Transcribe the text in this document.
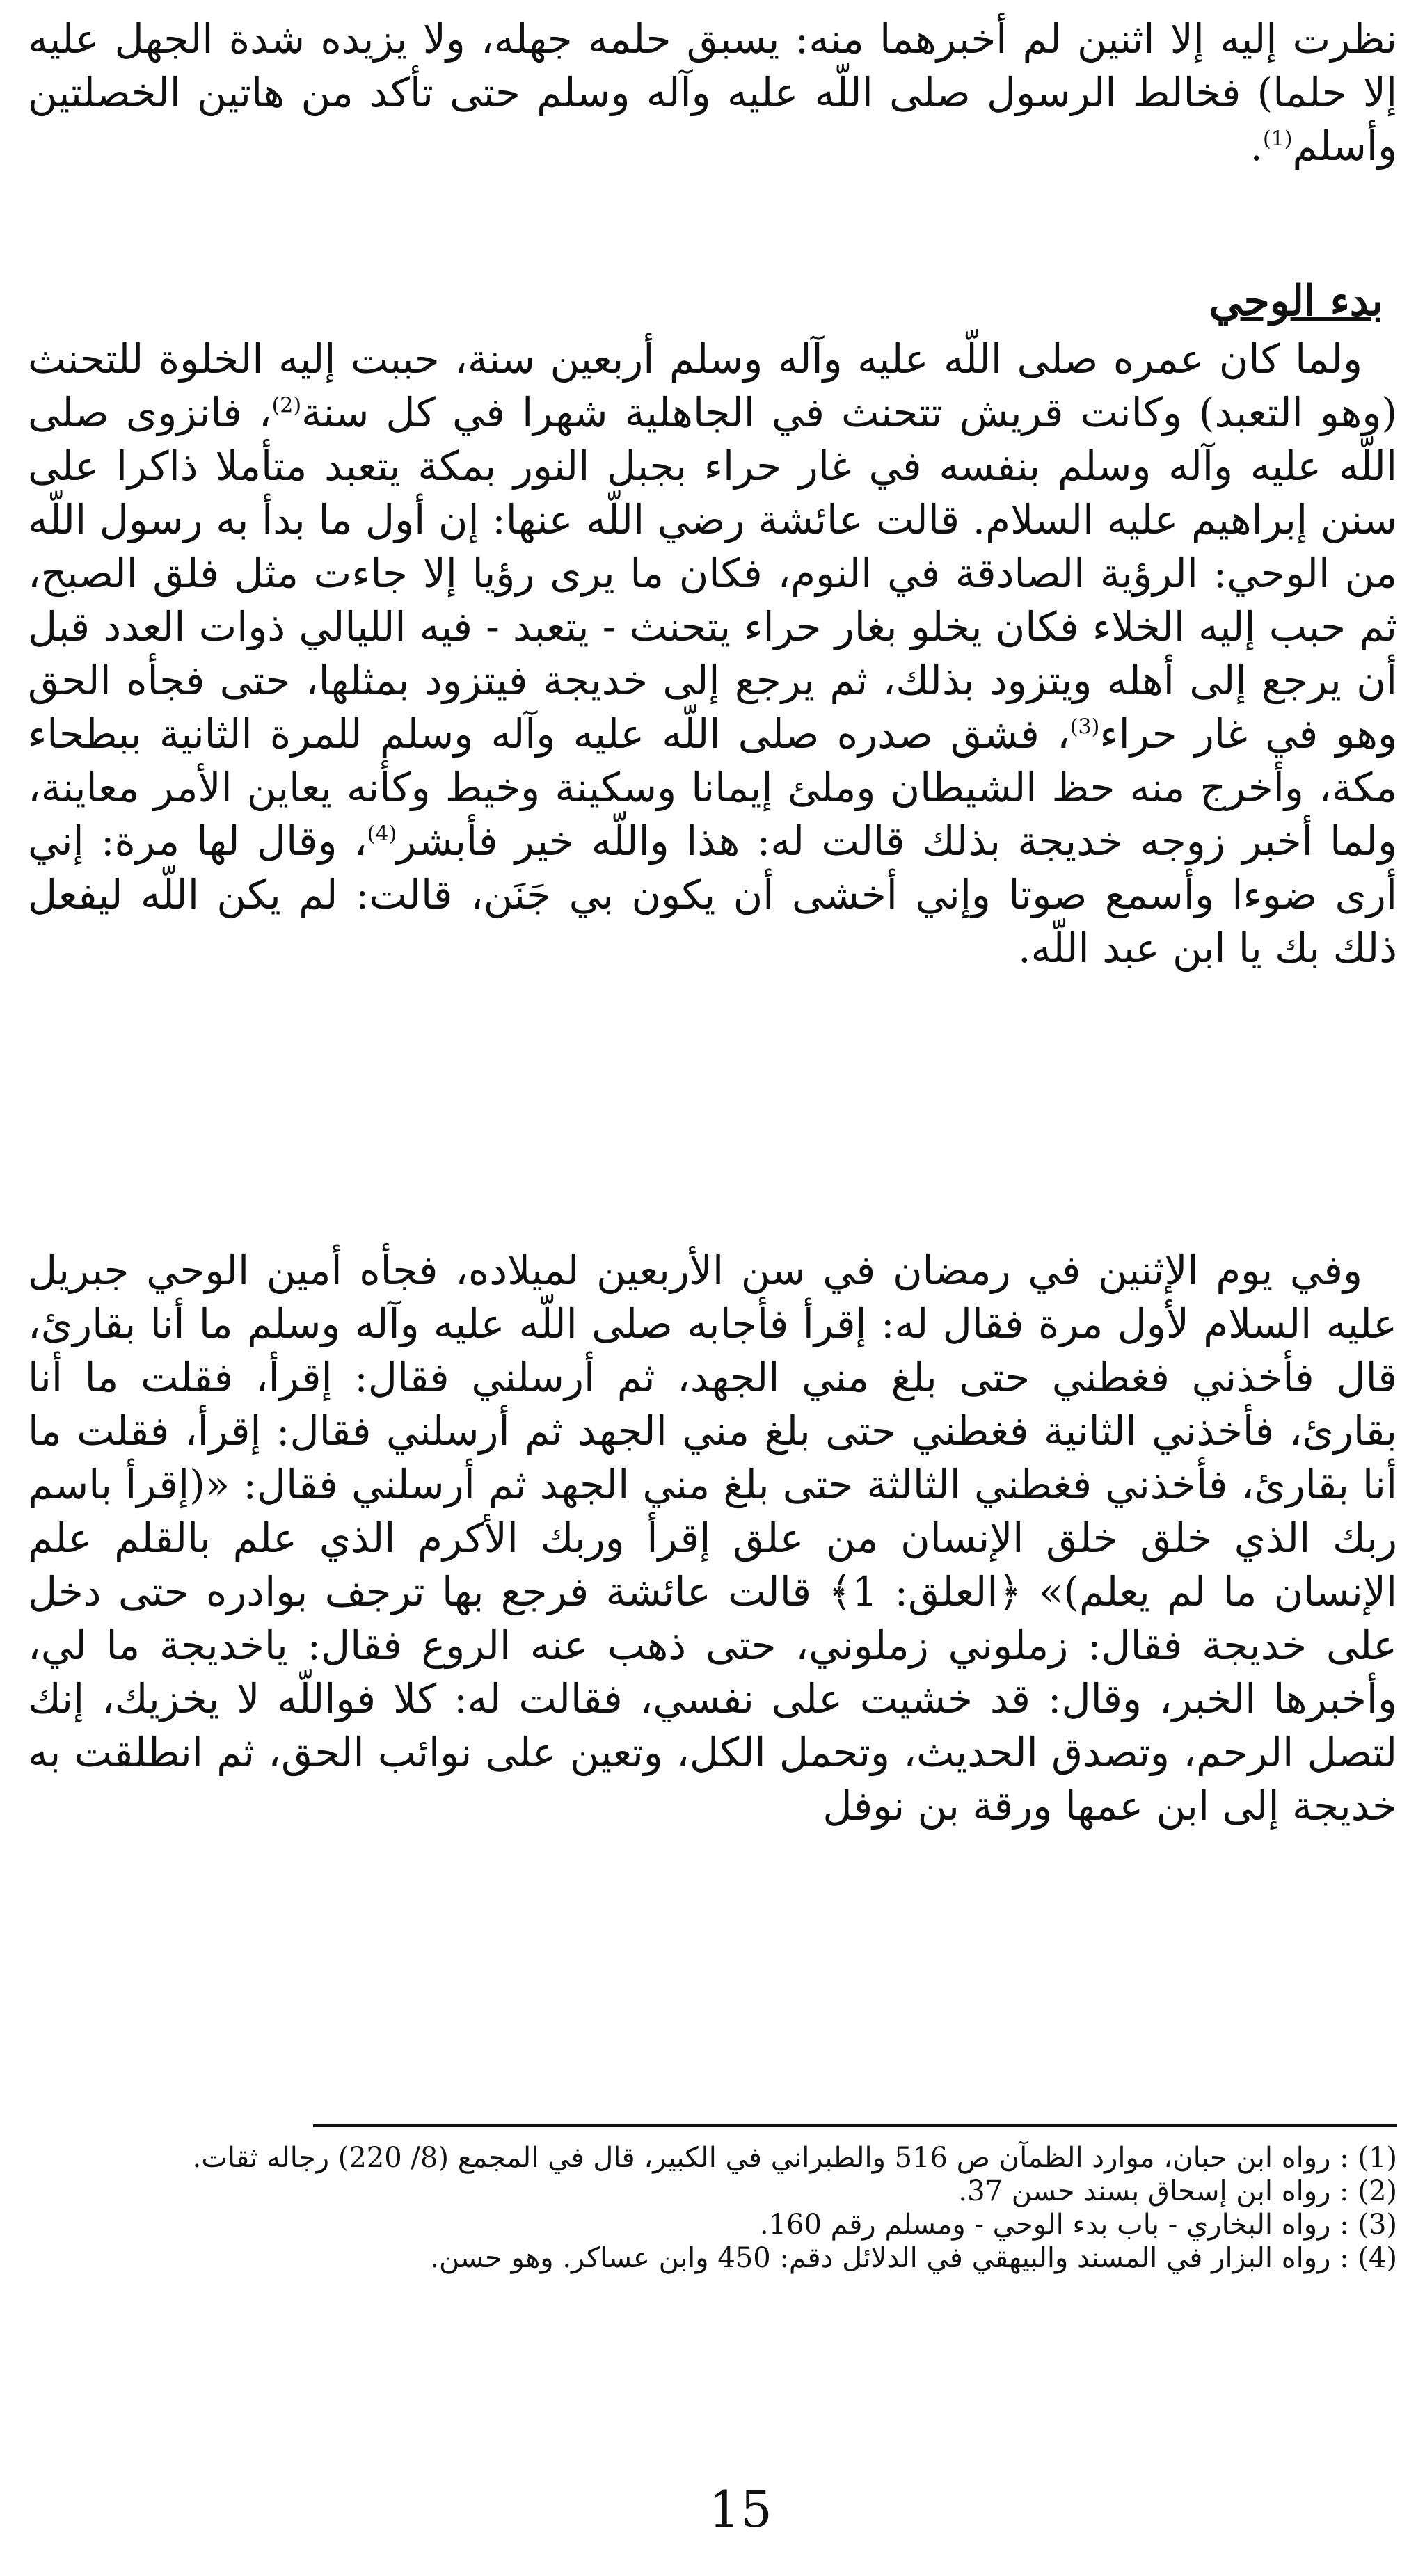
نظرت إليه إلا اثنين لم أخبرهما منه: يسبق حلمه جهله، ولا يزيده شدة الجهل عليه إلا حلما) فخالط الرسول صلى اللّه عليه وآله وسلم حتى تأكد من هاتين الخصلتين وأسلم$^{(1)}$.

بدء الوحي

ولما كان عمره صلى اللّه عليه وآله وسلم أربعين سنة، حببت إليه الخلوة للتحنث (وهو التعبد) وكانت قريش تتحنث في الجاهلية شهرا في كل سنة$^{(2)}$، فانزوى صلى اللّه عليه وآله وسلم بنفسه في غار حراء بجبل النور بمكة يتعبد متأملا ذاكرا على سنن إبراهيم عليه السلام. قالت عائشة رضي اللّه عنها: إن أول ما بدأ به رسول اللّه من الوحي: الرؤية الصادقة في النوم، فكان ما يرى رؤيا إلا جاءت مثل فلق الصبح، ثم حبب إليه الخلاء فكان يخلو بغار حراء يتحنث - يتعبد - فيه الليالي ذوات العدد قبل أن يرجع إلى أهله ويتزود بذلك، ثم يرجع إلى خديجة فيتزود بمثلها، حتى فجأه الحق وهو في غار حراء$^{(3)}$، فشق صدره صلى اللّه عليه وآله وسلم للمرة الثانية ببطحاء مكة، وأخرج منه حظ الشيطان وملئ إيمانا وسكينة وخيط وكأنه يعاين الأمر معاينة، ولما أخبر زوجه خديجة بذلك قالت له: هذا واللّه خير فأبشر$^{(4)}$، وقال لها مرة: إني أرى ضوءا وأسمع صوتا وإني أخشى أن يكون بي جَنَن، قالت: لم يكن اللّه ليفعل ذلك بك يا ابن عبد اللّه.

وفي يوم الإثنين في رمضان في سن الأربعين لميلاده، فجأه أمين الوحي جبريل عليه السلام لأول مرة فقال له: إقرأ فأجابه صلى اللّه عليه وآله وسلم ما أنا بقارئ، قال فأخذني فغطني حتى بلغ مني الجهد، ثم أرسلني فقال: إقرأ، فقلت ما أنا بقارئ، فأخذني الثانية فغطني حتى بلغ مني الجهد ثم أرسلني فقال: إقرأ، فقلت ما أنا بقارئ، فأخذني فغطني الثالثة حتى بلغ مني الجهد ثم أرسلني فقال: «(إقرأ باسم ربك الذي خلق خلق الإنسان من علق إقرأ وربك الأكرم الذي علم بالقلم علم الإنسان ما لم يعلم)» ﴿العلق: 1﴾ قالت عائشة فرجع بها ترجف بوادره حتى دخل على خديجة فقال: زملوني زملوني، حتى ذهب عنه الروع فقال: ياخديجة ما لي، وأخبرها الخبر، وقال: قد خشيت على نفسي، فقالت له: كلا فواللّه لا يخزيك، إنك لتصل الرحم، وتصدق الحديث، وتحمل الكل، وتعين على نوائب الحق، ثم انطلقت به خديجة إلى ابن عمها ورقة بن نوفل

(1) : رواه ابن حبان، موارد الظمآن ص 516 والطبراني في الكبير، قال في المجمع (8/ 220) رجاله ثقات.

(2) : رواه ابن إسحاق بسند حسن 37.

(3) : رواه البخاري - باب بدء الوحي - ومسلم رقم 160.

(4) : رواه البزار في المسند والبيهقي في الدلائل دقم: 450 وابن عساكر. وهو حسن.

15
